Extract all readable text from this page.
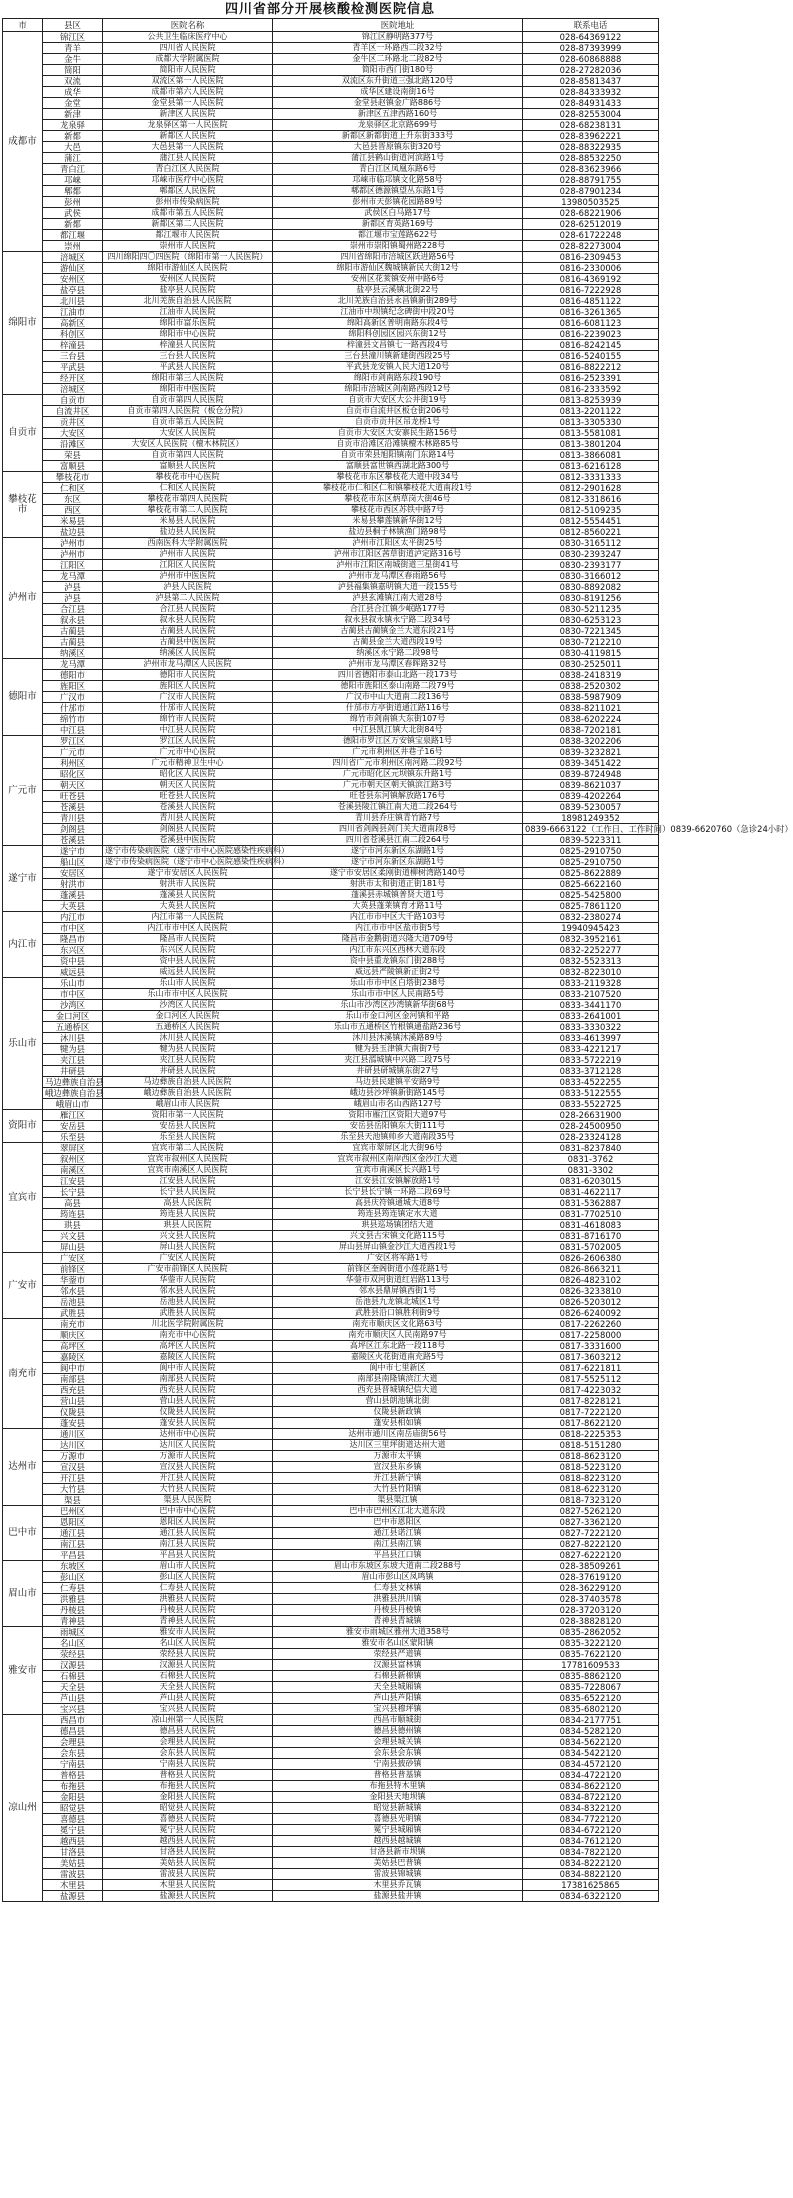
四川省部分开展核酸检测医院信息
市	县区	医院名称	医院地址	联系电话
成都市	锦江区	公共卫生临床医疗中心	锦江区静明路377号	028-64369122
	青羊	四川省人民医院	青羊区一环路西二段32号	028-87393999
	金牛	成都大学附属医院	金牛区二环路北二段82号	028-60868888
	简阳	简阳市人民医院	简阳市西门街180号	028-27282036
	双流	双流区第一人民医院	双流区东升街道三强北路120号	028-85813437
	成华	成都市第六人民医院	成华区建设南街16号	028-84333932
	金堂	金堂县第一人民医院	金堂县赵镇金广路886号	028-84931433
	新津	新津区人民医院	新津区五津西路160号	028-82553004
	龙泉驿	龙泉驿区第一人民医院	龙泉驿区北京路699号	028-68238131
	新都	新都区人民医院	新都区新都街道上升东街333号	028-83962221
	大邑	大邑县第一人民医院	大邑县晋原镇东街320号	028-88322935
	蒲江	蒲江县人民医院	蒲江县鹤山街道河滨路1号	028-88532250
	青白江	青白江区人民医院	青白江区凤凰东路6号	028-83623966
	邛崃	邛崃市医疗中心医院	邛崃市临邛镇文化路58号	028-88791755
	郫都	郫都区人民医院	郫都区德源镇望丛东路1号	028-87901234
	彭州	彭州市传染病医院	彭州市天彭镇花园路89号	13980503525
	武侯	成都市第五人民医院	武侯区白马路17号	028-68221906
	新都	新都区第二人民医院	新都区育英路169号	028-62512019
	都江堰	都江堰市人民医院	都江堰市宝莲路622号	028-61722248
	崇州	崇州市人民医院	崇州市崇阳镇蜀州路228号	028-82273004
绵阳市	涪城区	四川绵阳四〇四医院（绵阳市第一人民医院）	四川省绵阳市涪城区跃进路56号	0816-2309453
	游仙区	绵阳市游仙区人民医院	绵阳市游仙区魏城镇新民大街12号	0816-2330006
	安州区	安州区人民医院	安州区花荄镇安州中路6号	0816-4369192
	盐亭县	盐亭县人民医院	盐亭县云溪镇北街22号	0816-7222928
	北川县	北川羌族自治县人民医院	北川羌族自治县永昌镇新街289号	0816-4851122
	江油市	江油市人民医院	江油市中坝镇纪念碑街中段20号	0816-3261365
	高新区	绵阳市富乐医院	绵阳高新区普明南路东段4号	0816-6081123
	科创区	绵阳市中心医院	绵阳科创园区园兴东街12号	0816-2239023
	梓潼县	梓潼县人民医院	梓潼县文昌镇七一路西段4号	0816-8242145
	三台县	三台县人民医院	三台县潼川镇新建街西段25号	0816-5240155
	平武县	平武县人民医院	平武县龙安镇人民大道120号	0816-8822212
	经开区	绵阳市第三人民医院	绵阳市剑南路东段190号	0816-2523391
	涪城区	绵阳市中医医院	绵阳市涪城区剑南路西段12号	0816-2333592
自贡市	自贡市	自贡市第四人民医院	自贡市大安区大公井街19号	0813-8253939
	自流井区	自贡市第四人民医院（板仓分院）	自贡市自流井区板仓街206号	0813-2201122
	贡井区	自贡市第五人民医院	自贡市贡井区吊龙桥1号	0813-3305330
	大安区	大安区人民医院	自贡市大安区大安寨民生路156号	0813-5581081
	沿滩区	大安区人民医院（檀木林院区）	自贡市沿滩区沿滩镇檀木林路85号	0813-3801204
	荣县	自贡市第四人民医院	自贡市荣县旭阳镇南门东路14号	0813-3866081
	富顺县	富顺县人民医院	富顺县富世镇西湖北路300号	0813-6216128
攀枝花市	攀枝花市	攀枝花市中心医院	攀枝花市东区攀枝花大道中段34号	0812-3331333
	仁和区	仁和区人民医院	攀枝花市仁和区仁和镇攀枝花大道南段1号	0812-2901628
	东区	攀枝花市第四人民医院	攀枝花市东区炳草岗大街46号	0812-3318616
	西区	攀枝花市第二人民医院	攀枝花市西区苏铁中路7号	0812-5109235
	米易县	米易县人民医院	米易县攀莲镇新华街12号	0812-5554451
	盐边县	盐边县人民医院	盐边县桐子林镇渔门路98号	0812-8560221
泸州市	泸州市	西南医科大学附属医院	泸州市江阳区太平街25号	0830-3165112
	泸州市	泸州市人民医院	泸州市江阳区茜草街道泸定路316号	0830-2393247
	江阳区	江阳区人民医院	泸州市江阳区南城街道三星街41号	0830-2393177
	龙马潭	泸州市中医医院	泸州市龙马潭区春雨路56号	0830-3166012
	泸县	泸县人民医院	泸县福集镇嘉明镇大道一段155号	0830-8892082
	泸县	泸县第二人民医院	泸县玄滩镇江南大道28号	0830-8191256
	合江县	合江县人民医院	合江县合江镇少岷路177号	0830-5211235
	叙永县	叙永县人民医院	叙永县叙永镇永宁路二段34号	0830-6253123
	古蔺县	古蔺县人民医院	古蔺县古蔺镇金兰大道东段21号	0830-7221345
	古蔺县	古蔺县中医医院	古蔺县金兰大道西段19号	0830-7212210
	纳溪区	纳溪区人民医院	纳溪区永宁路二段98号	0830-4119815
德阳市	龙马潭	泸州市龙马潭区人民医院	泸州市龙马潭区春晖路32号	0830-2525011
	德阳市	德阳市人民医院	四川省德阳市泰山北路一段173号	0838-2418319
	旌阳区	旌阳区人民医院	德阳市旌阳区泰山南路二段79号	0838-2520302
	广汉市	广汉市人民医院	广汉市中山大道南二段136号	0838-5987909
	什邡市	什邡市人民医院	什邡市方亭街道通江路116号	0838-8211021
	绵竹市	绵竹市人民医院	绵竹市剑南镇大东街107号	0838-6202224
	中江县	中江县人民医院	中江县凯江镇大北街84号	0838-7202181
广元市	罗江区	罗江区人民医院	德阳市罗江区万安镇宝泉路1号	0838-3202206
	广元市	广元市中心医院	广元市利州区井巷子16号	0839-3232821
	利州区	广元市精神卫生中心	四川省广元市利州区南河路二段92号	0839-3451422
	昭化区	昭化区人民医院	广元市昭化区元坝镇东升路1号	0839-8724948
	朝天区	朝天区人民医院	广元市朝天区朝天镇滨江路3号	0839-8621037
	旺苍县	旺苍县人民医院	旺苍县东河镇解放路176号	0839-4202264
	苍溪县	苍溪县人民医院	苍溪县陵江镇江南大道二段264号	0839-5230057
	青川县	青川县人民医院	青川县乔庄镇青竹路7号	18981249352
	剑阁县	剑阁县人民医院	四川省剑阁县剑门关大道南段8号	0839-6663122（工作日、工作时间）0839-6620760（急诊24小时）
	苍溪县	苍溪县中医医院	四川省苍溪县江南二段264号	0839-5223311
遂宁市	遂宁市	遂宁市传染病医院（遂宁市中心医院感染性疾病科）	遂宁市河东新区东湖路1号	0825-2910750
	船山区	遂宁市传染病医院（遂宁市中心医院感染性疾病科）	遂宁市河东新区东湖路1号	0825-2910750
	安居区	遂宁市安居区人民医院	遂宁市安居区柔刚街道柳树湾路140号	0825-8622889
	射洪市	射洪市人民医院	射洪市太和街道正街181号	0825-6622160
	蓬溪县	蓬溪县人民医院	蓬溪县赤城镇普贤大道1号	0825-5425800
	大英县	大英县人民医院	大英县蓬莱镇育才路11号	0825-7861120
内江市	内江市	内江市第一人民医院	内江市市中区大千路103号	0832-2380274
	市中区	内江市市中区人民医院	内江市市中区盐市街5号	19940945423
	隆昌市	隆昌市人民医院	隆昌市金鹅街道兴隆大道709号	0832-3952161
	东兴区	东兴区人民医院	内江市东兴区西林大道东段	0832-2252277
	资中县	资中县人民医院	资中县重龙镇东门街288号	0832-5523313
	威远县	威远县人民医院	威远县严陵镇新正街2号	0832-8223010
乐山市	乐山市	乐山市人民医院	乐山市市中区白塔街238号	0833-2119328
	市中区	乐山市市中区人民医院	乐山市市中区人民南路5号	0833-2107520
	沙湾区	沙湾区人民医院	乐山市沙湾区沙湾镇新华街68号	0833-3441170
	金口河区	金口河区人民医院	乐山市金口河区金河镇和平路	0833-2641001
	五通桥区	五通桥区人民医院	乐山市五通桥区竹根镇通盐路236号	0833-3330322
	沐川县	沐川县人民医院	沐川县沐溪镇沐溪路89号	0833-4613997
	犍为县	犍为县人民医院	犍为县玉津镇大南街7号	0833-4221217
	夹江县	夹江县人民医院	夹江县漹城镇中兴路二段75号	0833-5722219
	井研县	井研县人民医院	井研县研城镇东街27号	0833-3712128
	马边彝族自治县	马边彝族自治县人民医院	马边县民建镇平安路9号	0833-4522255
	峨边彝族自治县	峨边彝族自治县人民医院	峨边县沙坪镇新街路145号	0833-5122555
	峨眉山市	峨眉山市人民医院	峨眉山市名山西路127号	0833-5522725
资阳市	雁江区	资阳市第一人民医院	资阳市雁江区资阳大道97号	028-26631900
	安岳县	安岳县人民医院	安岳县岳阳镇东大街111号	028-24500950
	乐至县	乐至县人民医院	乐至县天池镇帅乡大道南段35号	028-23324128
宜宾市	翠屏区	宜宾市第二人民医院	宜宾市翠屏区北大街96号	0831-8237840
	叙州区	宜宾市叙州区人民医院	宜宾市叙州区南岸西区金沙江大道	0831-3762
	南溪区	宜宾市南溪区人民医院	宜宾市南溪区长兴路1号	0831-3302
	江安县	江安县人民医院	江安县江安镇解放路1号	0831-6203015
	长宁县	长宁县人民医院	长宁县长宁镇一环路二段69号	0831-4622117
	高县	高县人民医院	高县庆符镇通城大道8号	0831-5362887
	筠连县	筠连县人民医院	筠连县筠连镇定水大道	0831-7702510
	珙县	珙县人民医院	珙县巡场镇团结大道	0831-4618083
	兴文县	兴文县人民医院	兴文县古宋镇文化路115号	0831-8716170
	屏山县	屏山县人民医院	屏山县屏山镇金沙江大道西段1号	0831-5702005
广安市	广安区	广安区人民医院	广安区将军路1号	0826-2606380
	前锋区	广安市前锋区人民医院	前锋区奎阁街道小莲花路1号	0826-8663211
	华蓥市	华蓥市人民医院	华蓥市双河街道红岩路113号	0826-4823102
	邻水县	邻水县人民医院	邻水县鼎屏镇西街1号	0826-3233810
	岳池县	岳池县人民医院	岳池县九龙镇北城区1号	0826-5203012
	武胜县	武胜县人民医院	武胜县沿口镇胜利街9号	0826-6240092
南充市	南充市	川北医学院附属医院	南充市顺庆区文化路63号	0817-2262260
	顺庆区	南充市中心医院	南充市顺庆区人民南路97号	0817-2258000
	高坪区	高坪区人民医院	高坪区江东北路一段118号	0817-3331600
	嘉陵区	嘉陵区人民医院	嘉陵区火花街道南充路5号	0817-3603212
	阆中市	阆中市人民医院	阆中市七里新区	0817-6221811
	南部县	南部县人民医院	南部县南隆镇滨江大道	0817-5525112
	西充县	西充县人民医院	西充县晋城镇纪信大道	0817-4223032
	营山县	营山县人民医院	营山县朗池镇北街	0817-8228121
	仪陇县	仪陇县人民医院	仪陇县新政镇	0817-7222120
	蓬安县	蓬安县人民医院	蓬安县相如镇	0817-8622120
达州市	通川区	达州市中心医院	达州市通川区南岳庙街56号	0818-2225353
	达川区	达川区人民医院	达川区三里坪街道达州大道	0818-5151280
	万源市	万源市人民医院	万源市太平镇	0818-8623120
	宣汉县	宣汉县人民医院	宣汉县东乡镇	0818-5223120
	开江县	开江县人民医院	开江县新宁镇	0818-8223120
	大竹县	大竹县人民医院	大竹县竹阳镇	0818-6223120
	渠县	渠县人民医院	渠县渠江镇	0818-7323120
巴中市	巴州区	巴中市中心医院	巴中市巴州区江北大道东段	0827-5262120
	恩阳区	恩阳区人民医院	巴中市恩阳区	0827-3362120
	通江县	通江县人民医院	通江县诺江镇	0827-7222120
	南江县	南江县人民医院	南江县南江镇	0827-8222120
	平昌县	平昌县人民医院	平昌县江口镇	0827-6222120
眉山市	东坡区	眉山市人民医院	眉山市东坡区东坡大道南二段288号	028-38509261
	彭山区	彭山区人民医院	眉山市彭山区凤鸣镇	028-37619120
	仁寿县	仁寿县人民医院	仁寿县文林镇	028-36229120
	洪雅县	洪雅县人民医院	洪雅县洪川镇	028-37403578
	丹棱县	丹棱县人民医院	丹棱县丹棱镇	028-37203120
	青神县	青神县人民医院	青神县青城镇	028-38828120
雅安市	雨城区	雅安市人民医院	雅安市雨城区雅州大道358号	0835-2862052
	名山区	名山区人民医院	雅安市名山区蒙阳镇	0835-3222120
	荥经县	荥经县人民医院	荥经县严道镇	0835-7622120
	汉源县	汉源县人民医院	汉源县富林镇	17781609533
	石棉县	石棉县人民医院	石棉县新棉镇	0835-8862120
	天全县	天全县人民医院	天全县城厢镇	0835-7228067
	芦山县	芦山县人民医院	芦山县芦阳镇	0835-6522120
	宝兴县	宝兴县人民医院	宝兴县穆坪镇	0835-6802120
凉山州	西昌市	凉山州第一人民医院	西昌市顺城街	0834-2177751
	德昌县	德昌县人民医院	德昌县德州镇	0834-5282120
	会理县	会理县人民医院	会理县城关镇	0834-5622120
	会东县	会东县人民医院	会东县会东镇	0834-5422120
	宁南县	宁南县人民医院	宁南县披砂镇	0834-4572120
	普格县	普格县人民医院	普格县普基镇	0834-4722120
	布拖县	布拖县人民医院	布拖县特木里镇	0834-8622120
	金阳县	金阳县人民医院	金阳县天地坝镇	0834-8722120
	昭觉县	昭觉县人民医院	昭觉县新城镇	0834-8322120
	喜德县	喜德县人民医院	喜德县光明镇	0834-7722120
	冕宁县	冕宁县人民医院	冕宁县城厢镇	0834-6722120
	越西县	越西县人民医院	越西县越城镇	0834-7612120
	甘洛县	甘洛县人民医院	甘洛县新市坝镇	0834-7822120
	美姑县	美姑县人民医院	美姑县巴普镇	0834-8222120
	雷波县	雷波县人民医院	雷波县锦城镇	0834-8822120
	木里县	木里县人民医院	木里县乔瓦镇	17381625865
	盐源县	盐源县人民医院	盐源县盐井镇	0834-6322120
